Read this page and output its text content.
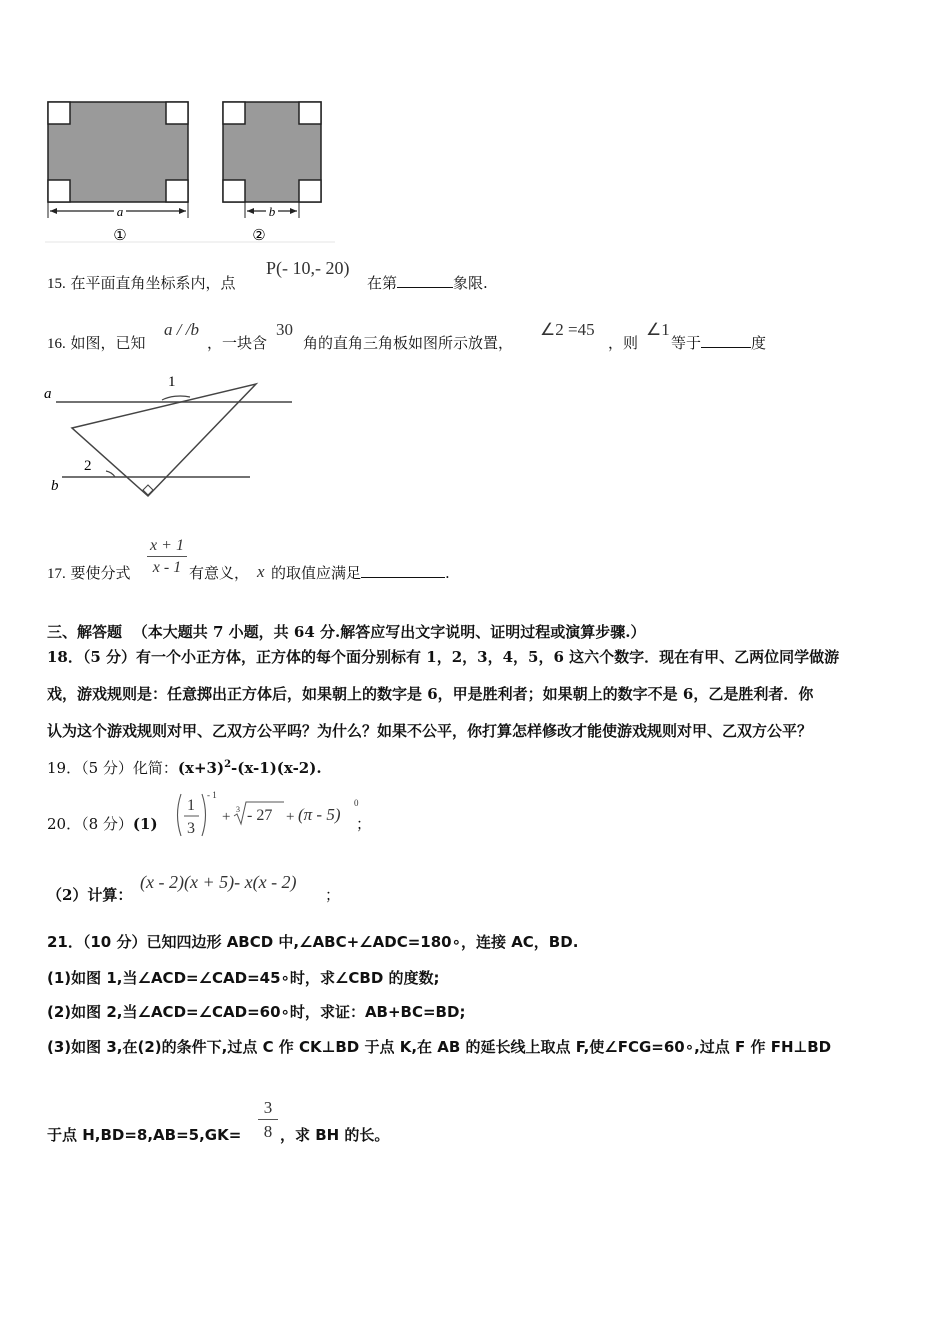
a
①
b
②
15. 在平面直角坐标系内，点
P(- 10,- 20)
在第	象限.
16. 如图，已知
a / /b
，一块含
30
角的直角三角板如图所示放置，
∠2 =45
，则
∠1
等于	度
a
b
1
2
17. 要使分式 $\frac{x + 1}{x - 1}$ 有意义， x 的取值应满足	.
三、解答题 （本大题共 7 小题，共 64 分.解答应写出文字说明、证明过程或演算步骤.）
18．（5 分）有一个小正方体，正方体的每个面分别标有 1，2，3，4，5，6 这六个数字．现在有甲、乙两位同学做游
戏，游戏规则是：任意掷出正方体后，如果朝上的数字是 6，甲是胜利者；如果朝上的数字不是 6，乙是胜利者．你
认为这个游戏规则对甲、乙双方公平吗？为什么？如果不公平，你打算怎样修改才能使游戏规则对甲、乙双方公平？
19．（5 分）化简：$(x+3)^2-(x-1)(x-2)$.
20．（8 分）(1)
1
3
- 1
+ 3 - 27 + (π - 5)
0
；
（2）计算：
(x - 2)(x + 5)- x(x - 2)
；
21．（10 分）已知四边形 ABCD 中,∠ABC+∠ADC=180∘，连接 AC，BD.
(1)如图 1,当∠ACD=∠CAD=45∘时，求∠CBD 的度数;
(2)如图 2,当∠ACD=∠CAD=60∘时，求证：AB+BC=BD;
(3)如图 3,在(2)的条件下,过点 C 作 CK⊥BD 于点 K,在 AB 的延长线上取点 F,使∠FCG=60∘,过点 F 作 FH⊥BD
于点 $H,BD=8,AB=5,GK= \frac{3}{8}$ ，求 BH 的长。
